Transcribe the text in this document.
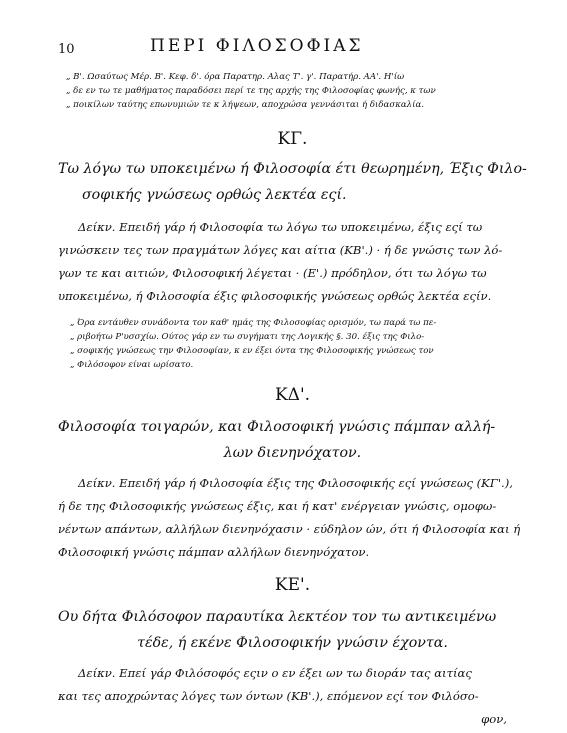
10	ΠΕΡΙ ΦΙΛΟΣΟΦΙΑΣ

„ Β'. Ωσαύτως Μέρ. Β'. Κεφ. δ'. όρα Παρατηρ. Αλας Τ'. γ'. Παρατήρ. ΑΑ'. Η'ίω

„ δε εν τω τε μαθήματος παραδόσει περί τε της αρχής της Φιλοσοφίας φωνής, κ των

„ ποικίλων ταύτης επωνυμιών τε κ λήψεων, αποχρώσα γεννάσιται ή διδασκαλία.

ΚΓ.

Τω λόγω τω υποκειμένω ή Φιλοσοφία έτι θεωρημένη, Έξις Φιλο-

σοφικής γνώσεως ορθώς λεκτέα εςί.

Δείκν. Επειδή γάρ ή Φιλοσοφία τω λόγω τω υποκειμένω, έξις εςί τω

γινώσκειν τες των πραγμάτων λόγες και αίτια (ΚΒ'.) · ή δε γνώσις των λό-

γων τε και αιτιών, Φιλοσοφική λέγεται · (Ε'.) πρόδηλον, ότι τω λόγω τω

υποκειμένω, ή Φιλοσοφία έξις φιλοσοφικής γνώσεως ορθώς λεκτέα εςίν.

„ Όρα εντάυθεν συνάδοντα τον καθ' ημάς της Φιλοσοφίας ορισμόν, τω παρά τω πε-

„ ριβοήτω Ρ'υσσχίω. Ούτος γάρ εν τω συγήματι της Λογικής §. 30. έξις της Φιλο-

„ σοφικής γνώσεως την Φιλοσοφίαν, κ εν έξει όντα της Φιλοσοφικής γνώσεως τον

„ Φιλόσοφον είναι ωρίσατο.

ΚΔ'.

Φιλοσοφία τοιγαρών, και Φιλοσοφική γνώσις πάμπαν αλλή-

λων διενηνόχατον.

Δείκν. Επειδή γάρ ή Φιλοσοφία έξις της Φιλοσοφικής εςί γνώσεως (ΚΓ'.),

ή δε της Φιλοσοφικής γνώσεως έξις, και ή κατ' ενέργειαν γνώσις, ομοφω-

νέντων απάντων, αλλήλων διενηνόχασιν · εύδηλον ών, ότι ή Φιλοσοφία και ή

Φιλοσοφική γνώσις πάμπαν αλλήλων διενηνόχατον.

ΚΕ'.

Ου δήτα Φιλόσοφον παραυτίκα λεκτέον τον τω αντικειμένω

τέδε, ή εκένε Φιλοσοφικήν γνώσιν έχοντα.

Δείκν. Επεί γάρ Φιλόσοφός εςιν ο εν έξει ων τω διοράν τας αιτίας

και τες αποχρώντας λόγες των όντων (ΚΒ'.), επόμενον εςί τον Φιλόσο-

φον,
